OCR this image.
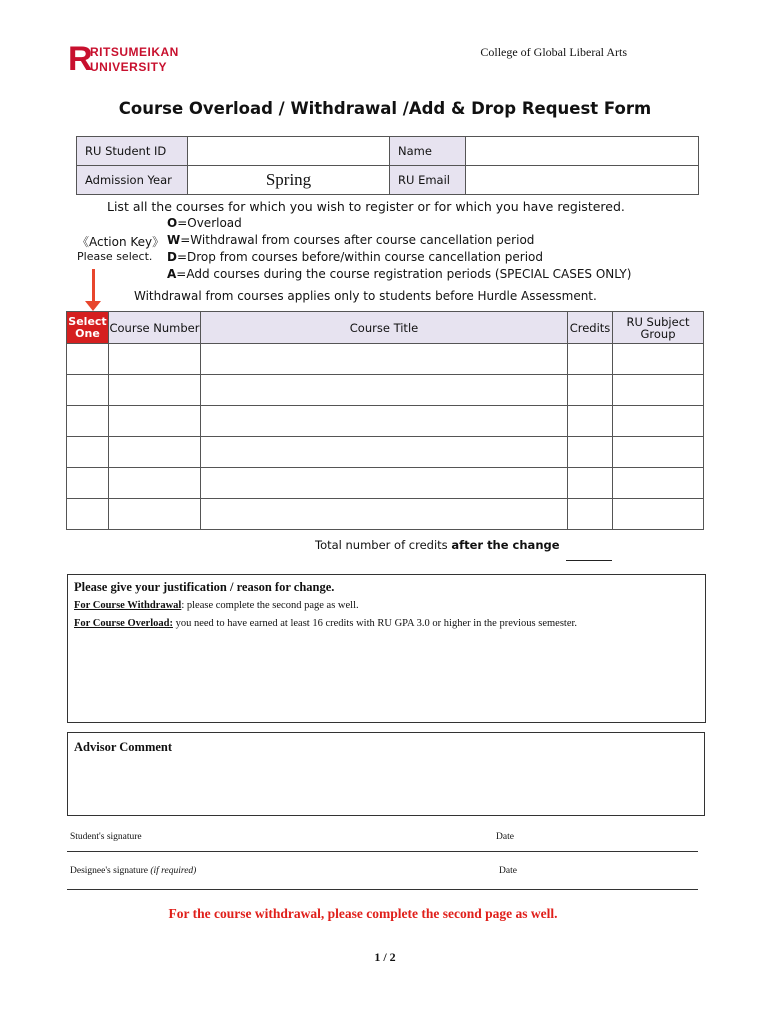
R
RITSUMEIKAN
UNIVERSITY
College of Global Liberal Arts
Course Overload / Withdrawal /Add & Drop Request Form
RU Student ID		Name	
Admission Year	Spring	RU Email	
List all the courses for which you wish to register or for which you have registered.
《Action Key》
Please select.
O=Overload
W=Withdrawal from courses after course cancellation period
D=Drop from courses before/within course cancellation period
A=Add courses during the course registration periods (SPECIAL CASES ONLY)
Withdrawal from courses applies only to students before Hurdle Assessment.
Select
One	Course Number	Course Title	Credits	RU Subject
Group

Total number of credits after the change
Please give your justification / reason for change.
For Course Withdrawal: please complete the second page as well.
For Course Overload: you need to have earned at least 16 credits with RU GPA 3.0 or higher in the previous semester.
Advisor Comment
Student's signature	Date
Designee's signature (if required)	Date
For the course withdrawal, please complete the second page as well.
1 / 2
